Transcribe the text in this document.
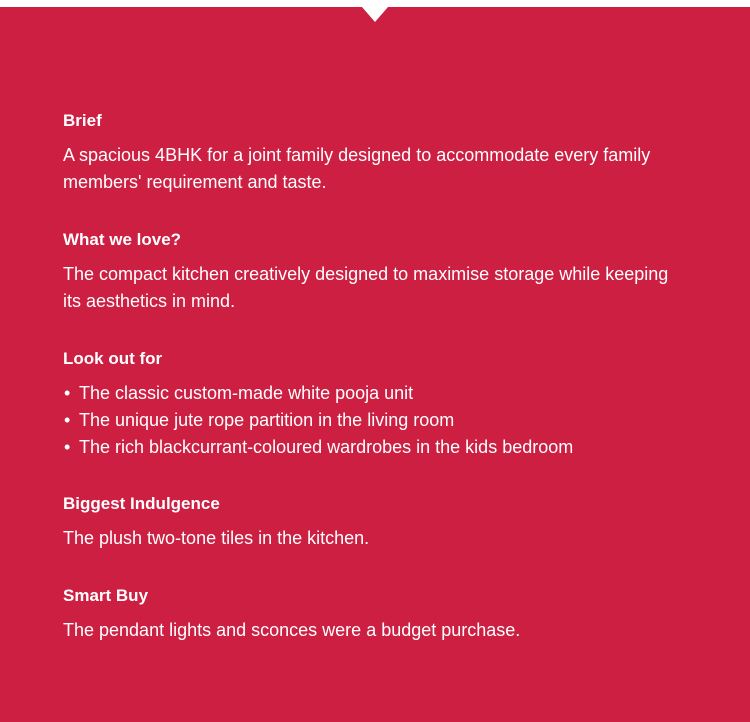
Brief

A spacious 4BHK for a joint family designed to accommodate every family members' requirement and taste.

What we love?

The compact kitchen creatively designed to maximise storage while keeping its aesthetics in mind.

Look out for
• The classic custom-made white pooja unit
• The unique jute rope partition in the living room
• The rich blackcurrant-coloured wardrobes in the kids bedroom
Biggest Indulgence

The plush two-tone tiles in the kitchen.

Smart Buy

The pendant lights and sconces were a budget purchase.
